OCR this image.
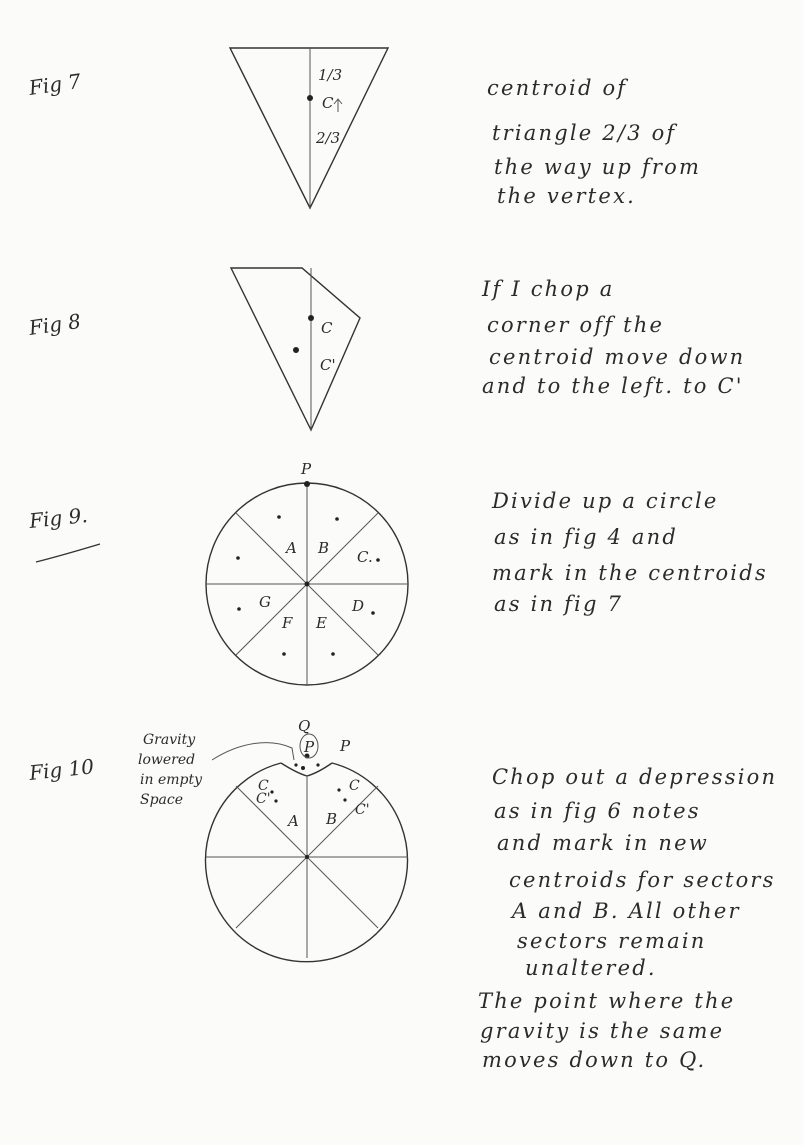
Fig 7	1/3
C
2/3
centroid of
triangle 2/3 of
the way up from
the vertex.
Fig 8	C
C'
If I chop a
corner off the
centroid move down
and to the left. to C'
Fig 9.
P
A B C.
D
E
F
G
Divide up a circle
as in fig 4 and
mark in the centroids
as in fig 7
Fig 10
P P
Q
Gravity
lowered
in empty
Space
C
C'
C
C'
A B
Chop out a depression
as in fig 6 notes
and mark in new
centroids for sectors
A and B. All other
sectors remain
unaltered.
The point where the
gravity is the same
moves down to Q.
